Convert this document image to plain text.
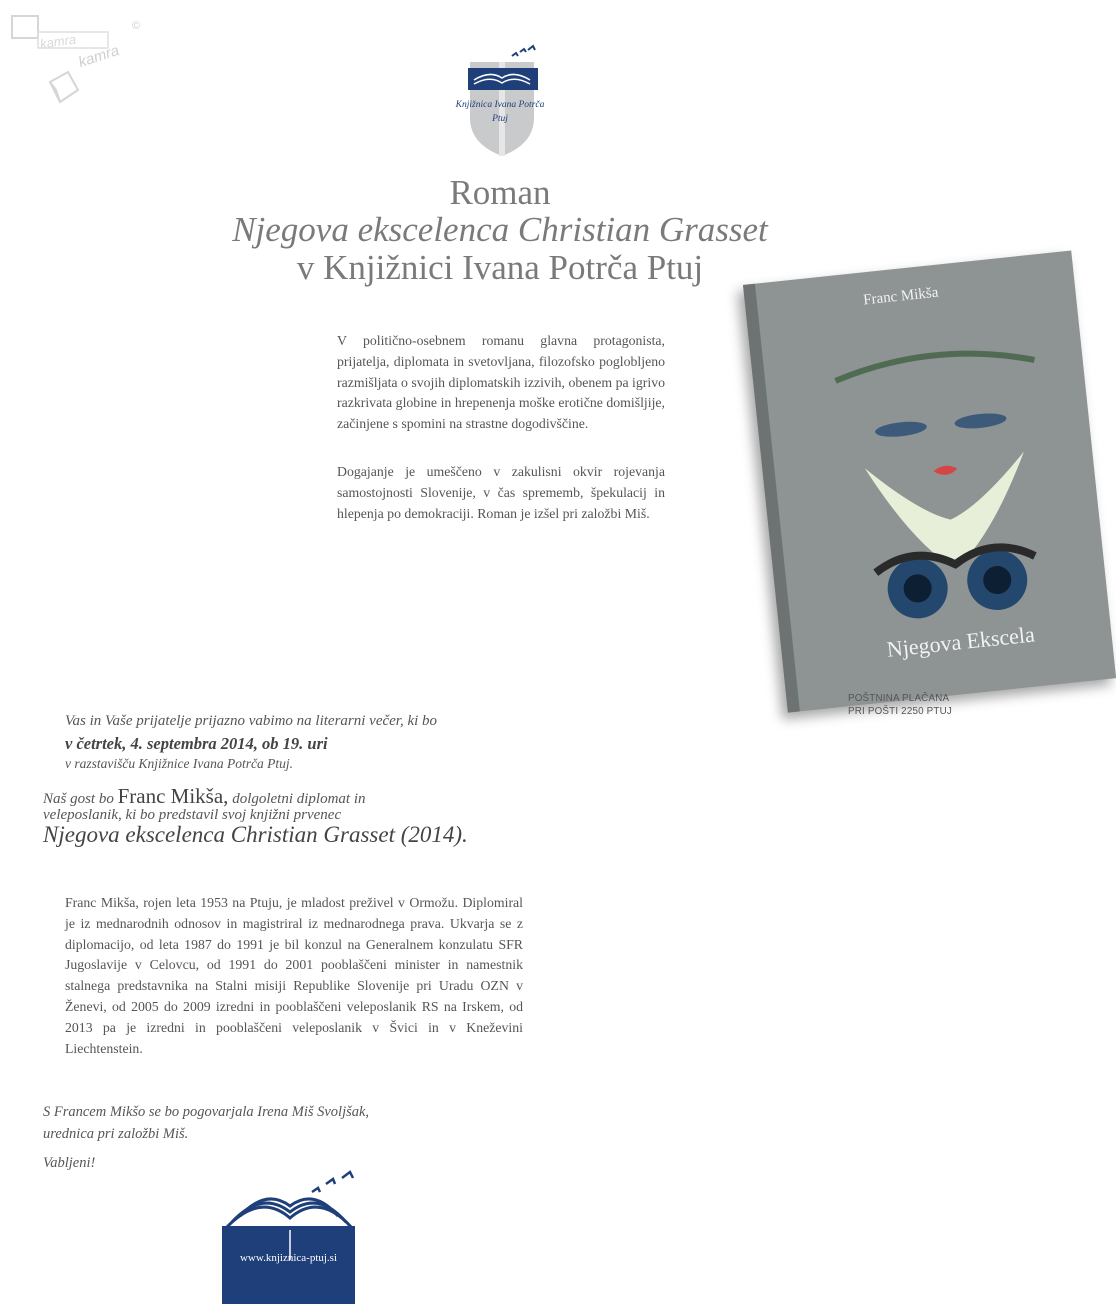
kamra
kamra
©
Knjižnica Ivana Potrča
Ptuj
Roman
Njegova ekscelenca Christian Grasset
v Knjižnici Ivana Potrča Ptuj

V politično-osebnem romanu glavna protagonista, prijatelja, diplomata in svetovljana, filozofsko poglobljeno razmišljata o svojih diplomatskih izzivih, obenem pa igrivo razkrivata globine in hrepenenja moške erotične domišljije, začinjene s spomini na strastne dogodivščine.

Dogajanje je umeščeno v zakulisni okvir rojevanja samostojnosti Slovenije, v čas sprememb, špekulacij in hlepenja po demokraciji. Roman je izšel pri založbi Miš.

Franc Mikša
Njegova Ekscela
POŠTNINA PLAČANA
PRI POŠTI 2250 PTUJ
Vas in Vaše prijatelje prijazno vabimo na literarni večer, ki bo
v četrtek, 4. septembra 2014, ob 19. uri
v razstavišču Knjižnice Ivana Potrča Ptuj.
Naš gost bo Franc Mikša, dolgoletni diplomat in
veleposlanik, ki bo predstavil svoj knjižni prvenec
Njegova ekscelenca Christian Grasset (2014).

Franc Mikša, rojen leta 1953 na Ptuju, je mladost preživel v Ormožu. Diplomiral je iz mednarodnih odnosov in magistriral iz mednarodnega prava. Ukvarja se z diplomacijo, od leta 1987 do 1991 je bil konzul na Generalnem konzulatu SFR Jugoslavije v Celovcu, od 1991 do 2001 pooblaščeni minister in namestnik stalnega predstavnika na Stalni misiji Republike Slovenije pri Uradu OZN v Ženevi, od 2005 do 2009 izredni in pooblaščeni veleposlanik RS na Irskem, od 2013 pa je izredni in pooblaščeni veleposlanik v Švici in v Kneževini Liechtenstein.

S Francem Mikšo se bo pogovarjala Irena Miš Svoljšak,
urednica pri založbi Miš.
Vabljeni!
www.knjiznica-ptuj.si
